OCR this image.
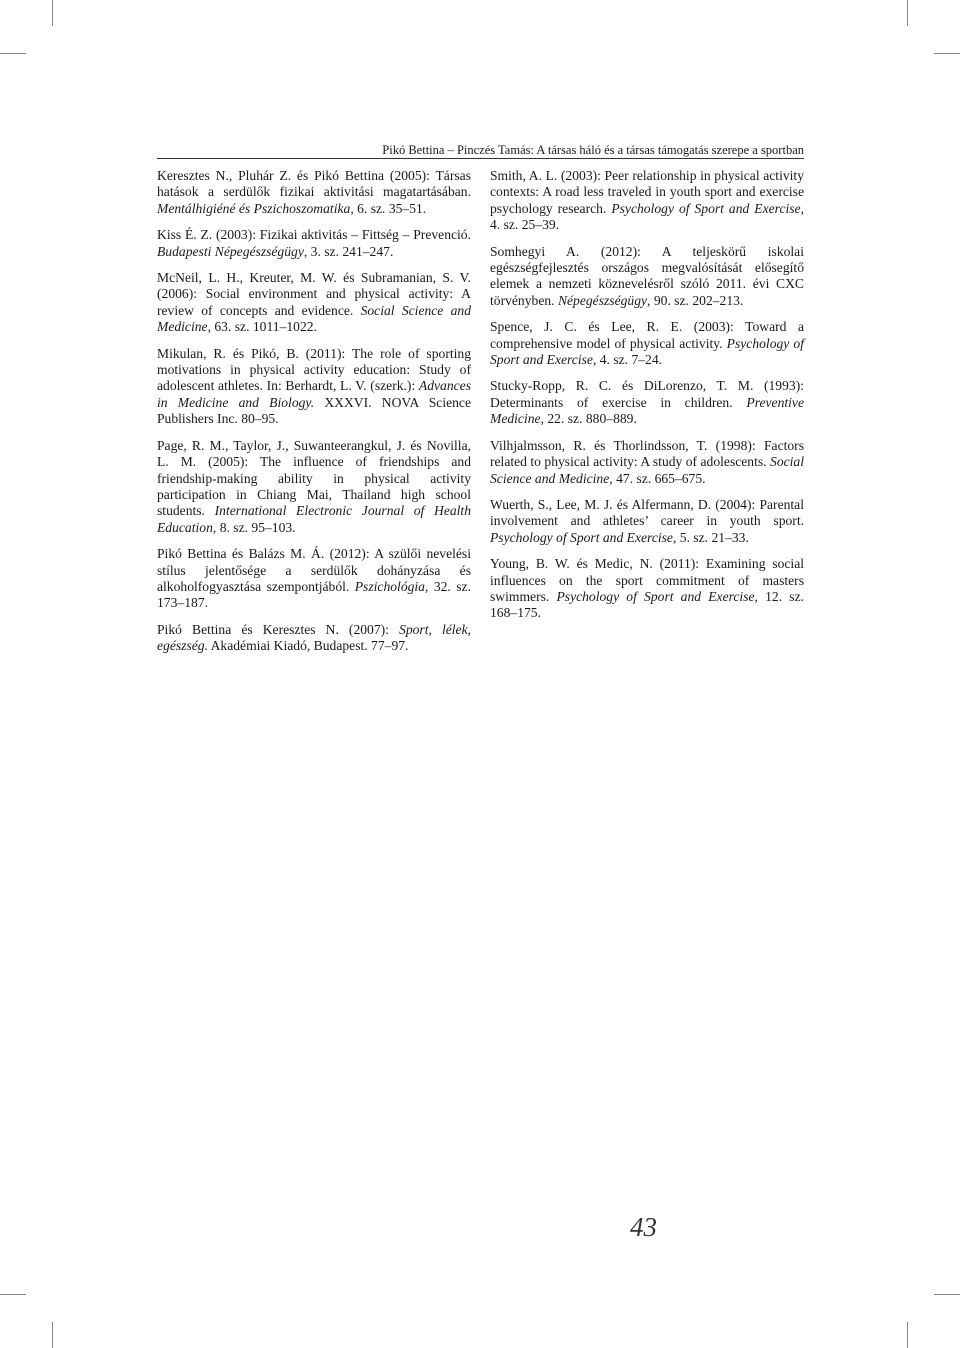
Pikó Bettina – Pinczés Tamás: A társas háló és a társas támogatás szerepe a sportban

Keresztes N., Pluhár Z. és Pikó Bettina (2005): Társas hatások a serdülők fizikai aktivitási magatartásában. Mentálhigiéné és Pszichoszomatika, 6. sz. 35–51.

Kiss É. Z. (2003): Fizikai aktivitás – Fittség – Prevenció. Budapesti Népegészségügy, 3. sz. 241–247.

McNeil, L. H., Kreuter, M. W. és Subramanian, S. V. (2006): Social environment and physical activity: A review of concepts and evidence. Social Science and Medicine, 63. sz. 1011–1022.

Mikulan, R. és Pikó, B. (2011): The role of sporting motivations in physical activity education: Study of adolescent athletes. In: Berhardt, L. V. (szerk.): Advances in Medicine and Biology. XXXVI. NOVA Science Publishers Inc. 80–95.

Page, R. M., Taylor, J., Suwanteerangkul, J. és Novilla, L. M. (2005): The influence of friendships and friendship-making ability in physical activity participation in Chiang Mai, Thailand high school students. International Electronic Journal of Health Education, 8. sz. 95–103.

Pikó Bettina és Balázs M. Á. (2012): A szülői nevelési stílus jelentősége a serdülők dohányzása és alkoholfogyasztása szempontjából. Pszichológia, 32. sz. 173–187.

Pikó Bettina és Keresztes N. (2007): Sport, lélek, egészség. Akadémiai Kiadó, Budapest. 77–97.

Smith, A. L. (2003): Peer relationship in physical activity contexts: A road less traveled in youth sport and exercise psychology research. Psychology of Sport and Exercise, 4. sz. 25–39.

Somhegyi A. (2012): A teljeskörű iskolai egészségfejlesztés országos megvalósítását elősegítő elemek a nemzeti köznevelésről szóló 2011. évi CXC törvényben. Népegészségügy, 90. sz. 202–213.

Spence, J. C. és Lee, R. E. (2003): Toward a comprehensive model of physical activity. Psychology of Sport and Exercise, 4. sz. 7–24.

Stucky-Ropp, R. C. és DiLorenzo, T. M. (1993): Determinants of exercise in children. Preventive Medicine, 22. sz. 880–889.

Vilhjalmsson, R. és Thorlindsson, T. (1998): Factors related to physical activity: A study of adolescents. Social Science and Medicine, 47. sz. 665–675.

Wuerth, S., Lee, M. J. és Alfermann, D. (2004): Parental involvement and athletes’ career in youth sport. Psychology of Sport and Exercise, 5. sz. 21–33.

Young, B. W. és Medic, N. (2011): Examining social influences on the sport commitment of masters swimmers. Psychology of Sport and Exercise, 12. sz. 168–175.

43
